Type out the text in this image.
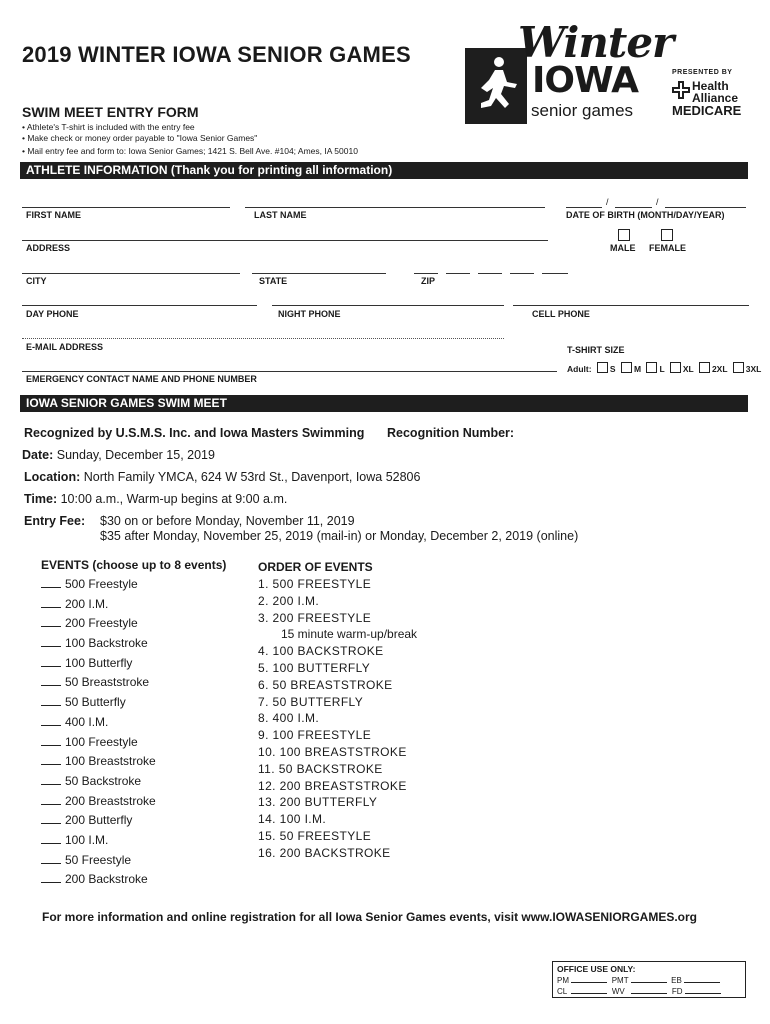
2019 WINTER IOWA SENIOR GAMES
SWIM MEET ENTRY FORM
• Athlete's T-shirt is included with the entry fee
• Make check or money order payable to "Iowa Senior Games"
• Mail entry fee and form to: Iowa Senior Games; 1421 S. Bell Ave. #104; Ames, IA 50010
Winter
IOWA
senior games
PRESENTED BY
Health
Alliance
MEDICARE
ATHLETE INFORMATION (Thank you for printing all information)
/	/
FIRST NAME	LAST NAME	DATE OF BIRTH (MONTH/DAY/YEAR)
ADDRESS	MALE FEMALE
CITY	STATE	ZIP
DAY PHONE	NIGHT PHONE	CELL PHONE
E-MAIL ADDRESS	T-SHIRT SIZE
Adult: S M L XL 2XL 3XL
EMERGENCY CONTACT NAME AND PHONE NUMBER
IOWA SENIOR GAMES SWIM MEET
Recognized by U.S.M.S. Inc. and Iowa Masters Swimming Recognition Number:
Date: Sunday, December 15, 2019
Location: North Family YMCA, 624 W 53rd St., Davenport, Iowa 52806
Time: 10:00 a.m., Warm-up begins at 9:00 a.m.
Entry Fee: $30 on or before Monday, November 11, 2019
$35 after Monday, November 25, 2019 (mail-in) or Monday, December 2, 2019 (online)
EVENTS (choose up to 8 events)
500 Freestyle
200 I.M.
200 Freestyle
100 Backstroke
100 Butterfly
50 Breaststroke
50 Butterfly
400 I.M.
100 Freestyle
100 Breaststroke
50 Backstroke
200 Breaststroke
200 Butterfly
100 I.M.
50 Freestyle
200 Backstroke
ORDER OF EVENTS
1. 500 FREESTYLE
2. 200 I.M.
3. 200 FREESTYLE
15 minute warm-up/break
4. 100 BACKSTROKE
5. 100 BUTTERFLY
6. 50 BREASTSTROKE
7. 50 BUTTERFLY
8. 400 I.M.
9. 100 FREESTYLE
10. 100 BREASTSTROKE
11. 50 BACKSTROKE
12. 200 BREASTSTROKE
13. 200 BUTTERFLY
14. 100 I.M.
15. 50 FREESTYLE
16. 200 BACKSTROKE
For more information and online registration for all Iowa Senior Games events, visit www.IOWASENIORGAMES.org
OFFICE USE ONLY:
PM	PMT	EB
CL	WV	FD
